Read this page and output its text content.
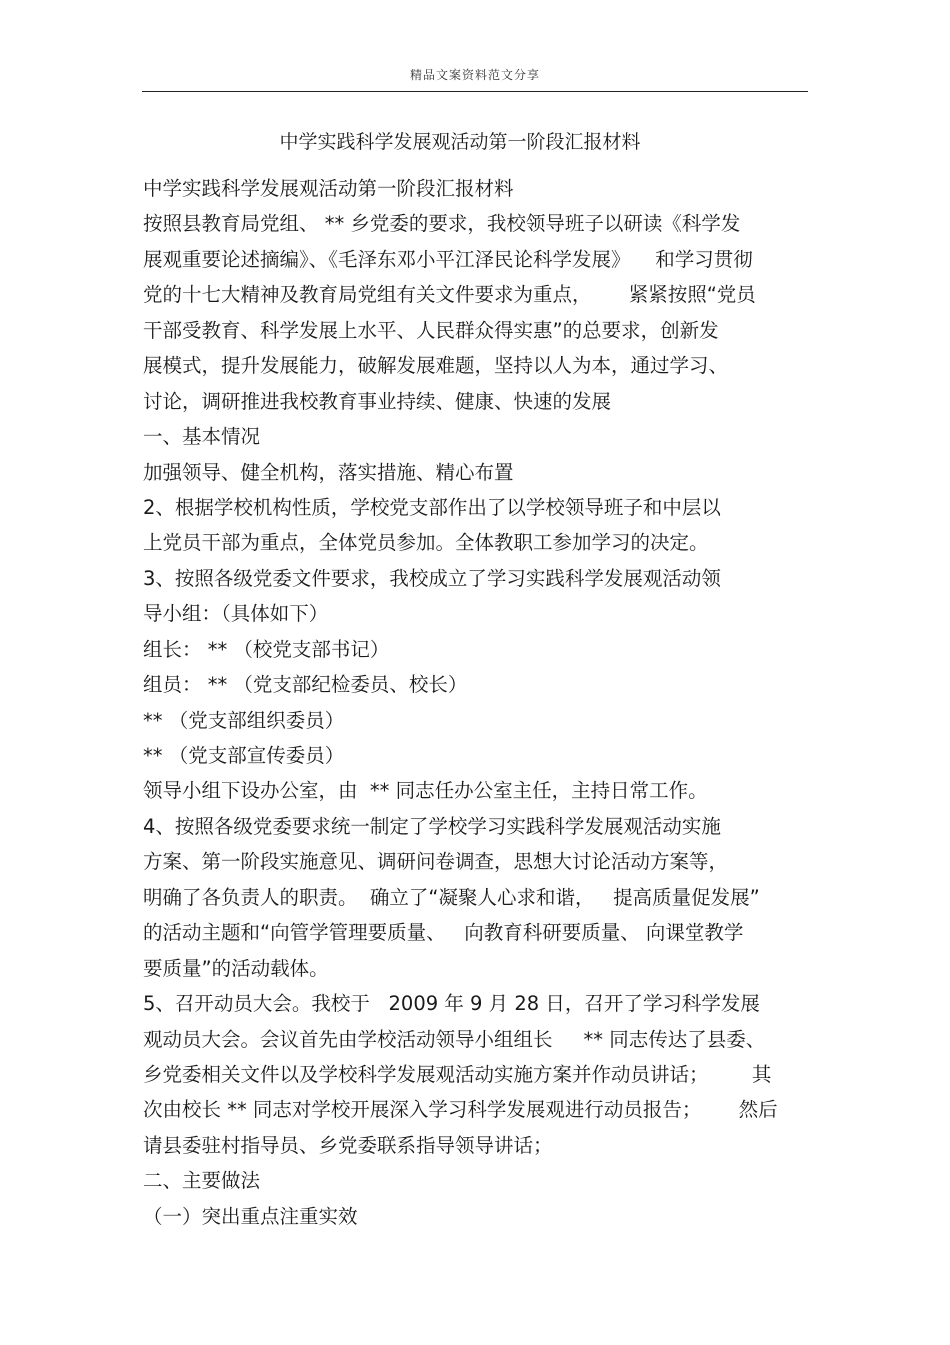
精品文案资料范文分享
中学实践科学发展观活动第一阶段汇报材料
中学实践科学发展观活动第一阶段汇报材料
按照县教育局党组、 ** 乡党委的要求，我校领导班子以研读《科学发
展观重要论述摘编》、《毛泽东邓小平江泽民论科学发展》    和学习贯彻
党的十七大精神及教育局党组有关文件要求为重点，      紧紧按照“党员
干部受教育、科学发展上水平、人民群众得实惠”的总要求，创新发
展模式，提升发展能力，破解发展难题，坚持以人为本，通过学习、
讨论，调研推进我校教育事业持续、健康、快速的发展
一、基本情况
加强领导、健全机构，落实措施、精心布置
2、根据学校机构性质，学校党支部作出了以学校领导班子和中层以
上党员干部为重点，全体党员参加。全体教职工参加学习的决定。
3、按照各级党委文件要求，我校成立了学习实践科学发展观活动领
导小组：（具体如下）
组长： ** （校党支部书记）
组员： ** （党支部纪检委员、校长）
** （党支部组织委员）
** （党支部宣传委员）
领导小组下设办公室，由  ** 同志任办公室主任，主持日常工作。
4、按照各级党委要求统一制定了学校学习实践科学发展观活动实施
方案、第一阶段实施意见、调研问卷调查，思想大讨论活动方案等，
明确了各负责人的职责。  确立了“凝聚人心求和谐，   提高质量促发展”
的活动主题和“向管学管理要质量、   向教育科研要质量、 向课堂教学
要质量”的活动载体。
5、召开动员大会。我校于   2009 年 9 月 28 日，召开了学习科学发展
观动员大会。会议首先由学校活动领导小组组长     ** 同志传达了县委、
乡党委相关文件以及学校科学发展观活动实施方案并作动员讲话；       其
次由校长 ** 同志对学校开展深入学习科学发展观进行动员报告；      然后
请县委驻村指导员、乡党委联系指导领导讲话；
二、主要做法
（一）突出重点注重实效
